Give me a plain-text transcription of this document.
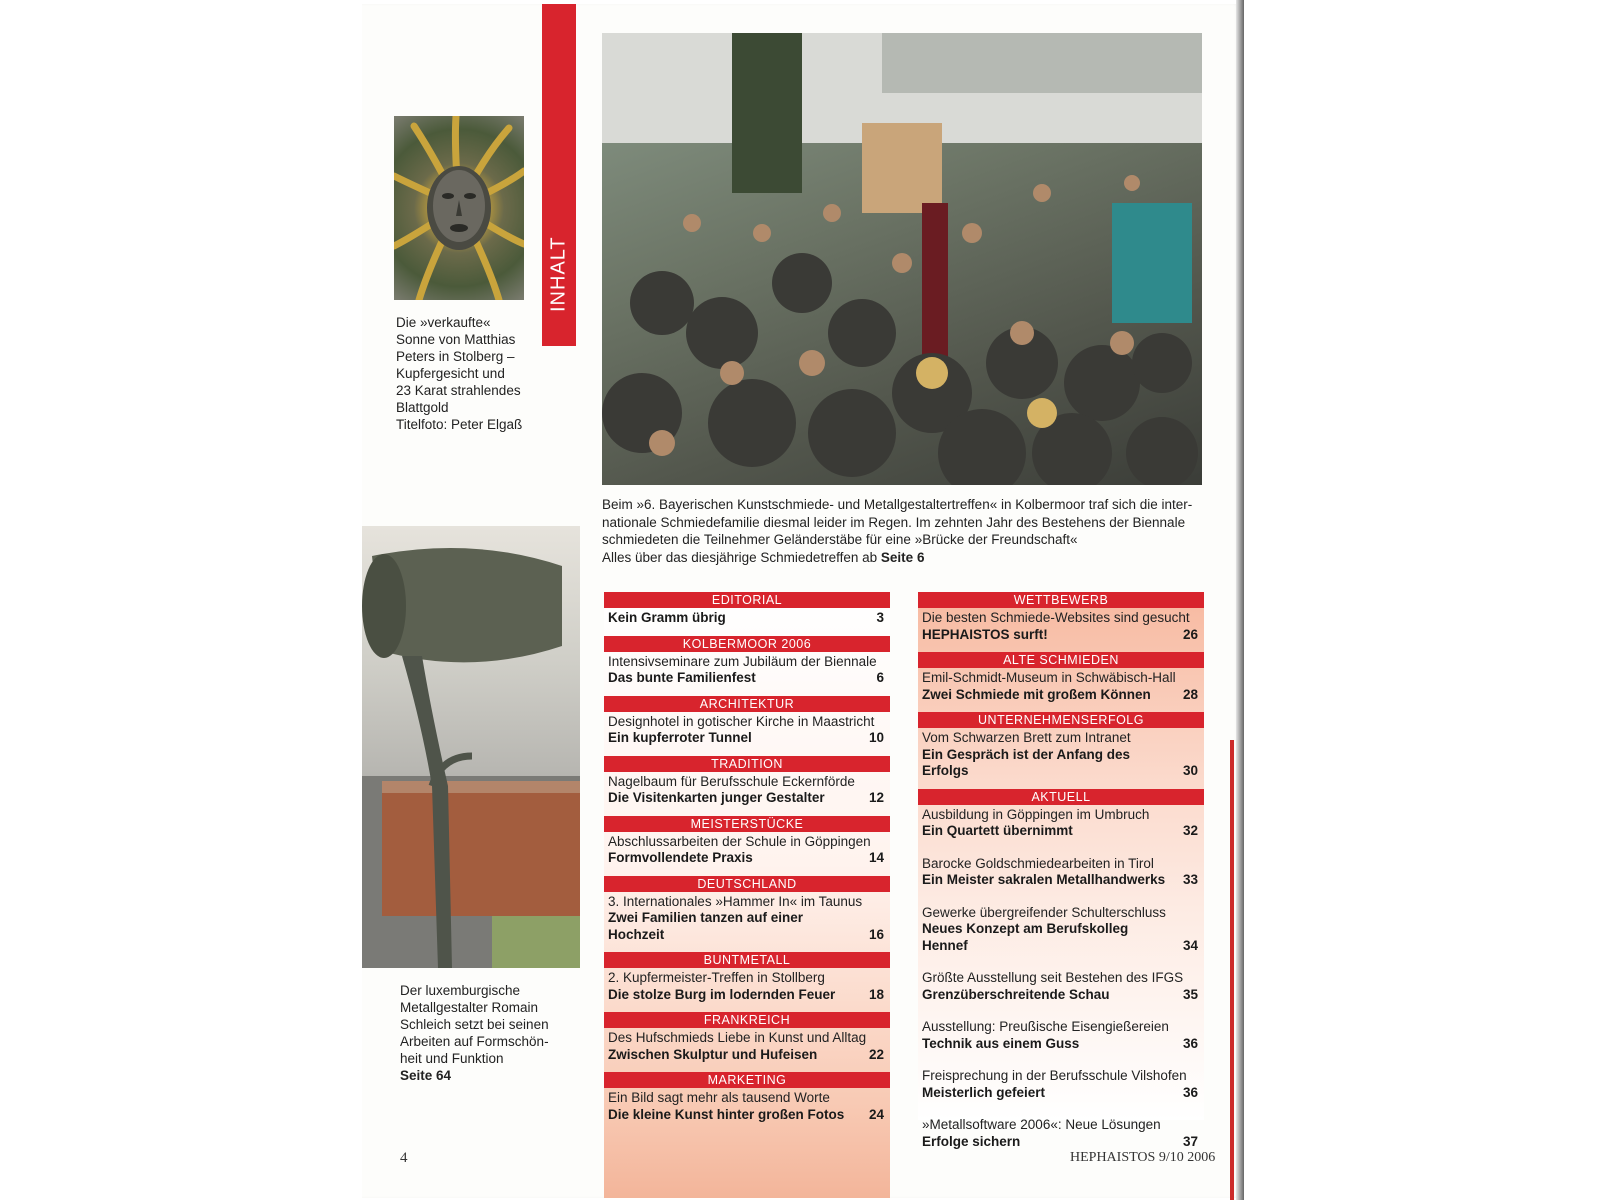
INHALT
Die »verkaufte«
Sonne von Matthias
Peters in Stolberg –
Kupfergesicht und
23 Karat strahlendes
Blattgold
Titelfoto: Peter Elgaß
Beim »6. Bayerischen Kunstschmiede- und Metallgestaltertreffen« in Kolbermoor traf sich die inter-
nationale Schmiedefamilie diesmal leider im Regen. Im zehnten Jahr des Bestehens der Biennale
schmiedeten die Teilnehmer Geländerstäbe für eine »Brücke der Freundschaft«
Alles über das diesjährige Schmiedetreffen ab Seite 6
Der luxemburgische
Metallgestalter Romain
Schleich setzt bei seinen
Arbeiten auf Formschön-
heit und Funktion
Seite 64
EDITORIAL
Kein Gramm übrig	3
KOLBERMOOR 2006
Intensivseminare zum Jubiläum der Biennale
Das bunte Familienfest	6
ARCHITEKTUR
Designhotel in gotischer Kirche in Maastricht
Ein kupferroter Tunnel	10
TRADITION
Nagelbaum für Berufsschule Eckernförde
Die Visitenkarten junger Gestalter	12
MEISTERSTÜCKE
Abschlussarbeiten der Schule in Göppingen
Formvollendete Praxis	14
DEUTSCHLAND
3. Internationales »Hammer In« im Taunus
Zwei Familien tanzen auf einer Hochzeit	16
BUNTMETALL
2. Kupfermeister-Treffen in Stollberg
Die stolze Burg im lodernden Feuer	18
FRANKREICH
Des Hufschmieds Liebe in Kunst und Alltag
Zwischen Skulptur und Hufeisen	22
MARKETING
Ein Bild sagt mehr als tausend Worte
Die kleine Kunst hinter großen Fotos	24
WETTBEWERB
Die besten Schmiede-Websites sind gesucht
HEPHAISTOS surft!	26
ALTE SCHMIEDEN
Emil-Schmidt-Museum in Schwäbisch-Hall
Zwei Schmiede mit großem Können	28
UNTERNEHMENSERFOLG
Vom Schwarzen Brett zum Intranet
Ein Gespräch ist der Anfang des Erfolgs	30
AKTUELL
Ausbildung in Göppingen im Umbruch
Ein Quartett übernimmt	32
Barocke Goldschmiedearbeiten in Tirol
Ein Meister sakralen Metallhandwerks	33
Gewerke übergreifender Schulterschluss
Neues Konzept am Berufskolleg Hennef	34
Größte Ausstellung seit Bestehen des IFGS
Grenzüberschreitende Schau	35
Ausstellung: Preußische Eisengießereien
Technik aus einem Guss	36
Freisprechung in der Berufsschule Vilshofen
Meisterlich gefeiert	36
»Metallsoftware 2006«: Neue Lösungen
Erfolge sichern	37
4	HEPHAISTOS 9/10 2006
